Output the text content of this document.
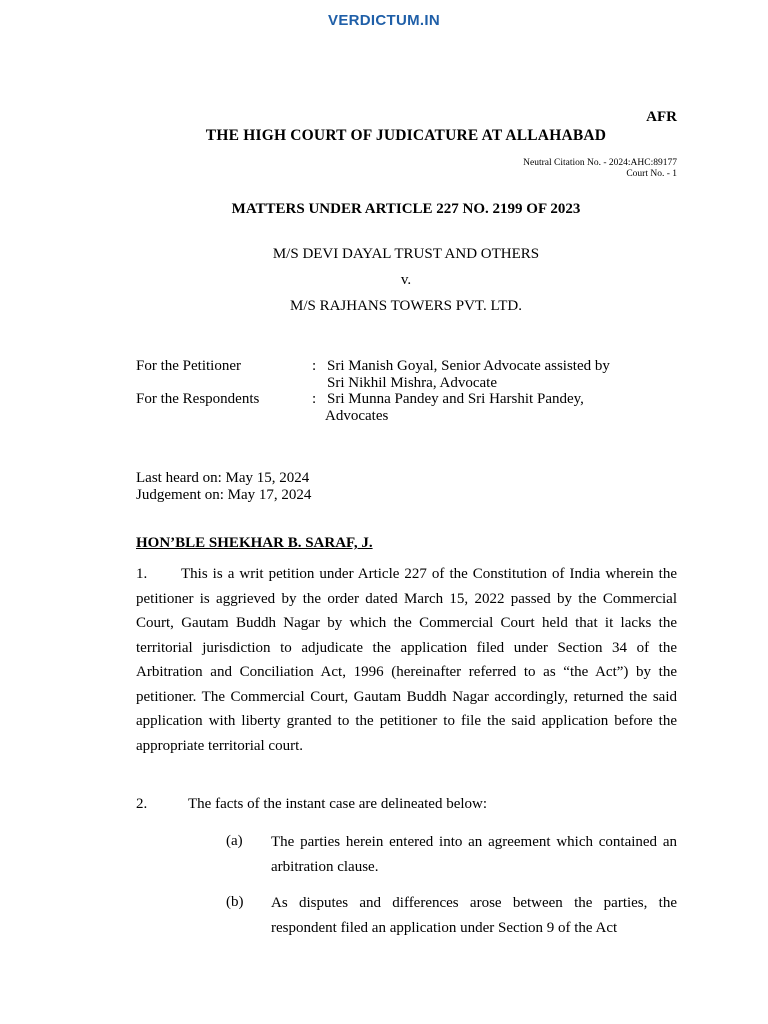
VERDICTUM.IN
AFR
THE HIGH COURT OF JUDICATURE AT ALLAHABAD
Neutral Citation No. - 2024:AHC:89177
Court No. - 1
MATTERS UNDER ARTICLE 227 NO. 2199 OF 2023
M/S DEVI DAYAL TRUST AND OTHERS
v.
M/S RAJHANS TOWERS PVT. LTD.
For the Petitioner	: Sri Manish Goyal, Senior Advocate assisted by
Sri Nikhil Mishra, Advocate
For the Respondents	: Sri Munna Pandey and Sri Harshit Pandey,
Advocates
Last heard on: May 15, 2024
Judgement on: May 17, 2024
HON’BLE SHEKHAR B. SARAF, J.
1. This is a writ petition under Article 227 of the Constitution of India wherein the petitioner is aggrieved by the order dated March 15, 2022 passed by the Commercial Court, Gautam Buddh Nagar by which the Commercial Court held that it lacks the territorial jurisdiction to adjudicate the application filed under Section 34 of the Arbitration and Conciliation Act, 1996 (hereinafter referred to as “the Act”) by the petitioner. The Commercial Court, Gautam Buddh Nagar accordingly, returned the said application with liberty granted to the petitioner to file the said application before the appropriate territorial court.
2.	The facts of the instant case are delineated below:
(a) The parties herein entered into an agreement which contained an arbitration clause.
(b) As disputes and differences arose between the parties, the respondent filed an application under Section 9 of the Act
